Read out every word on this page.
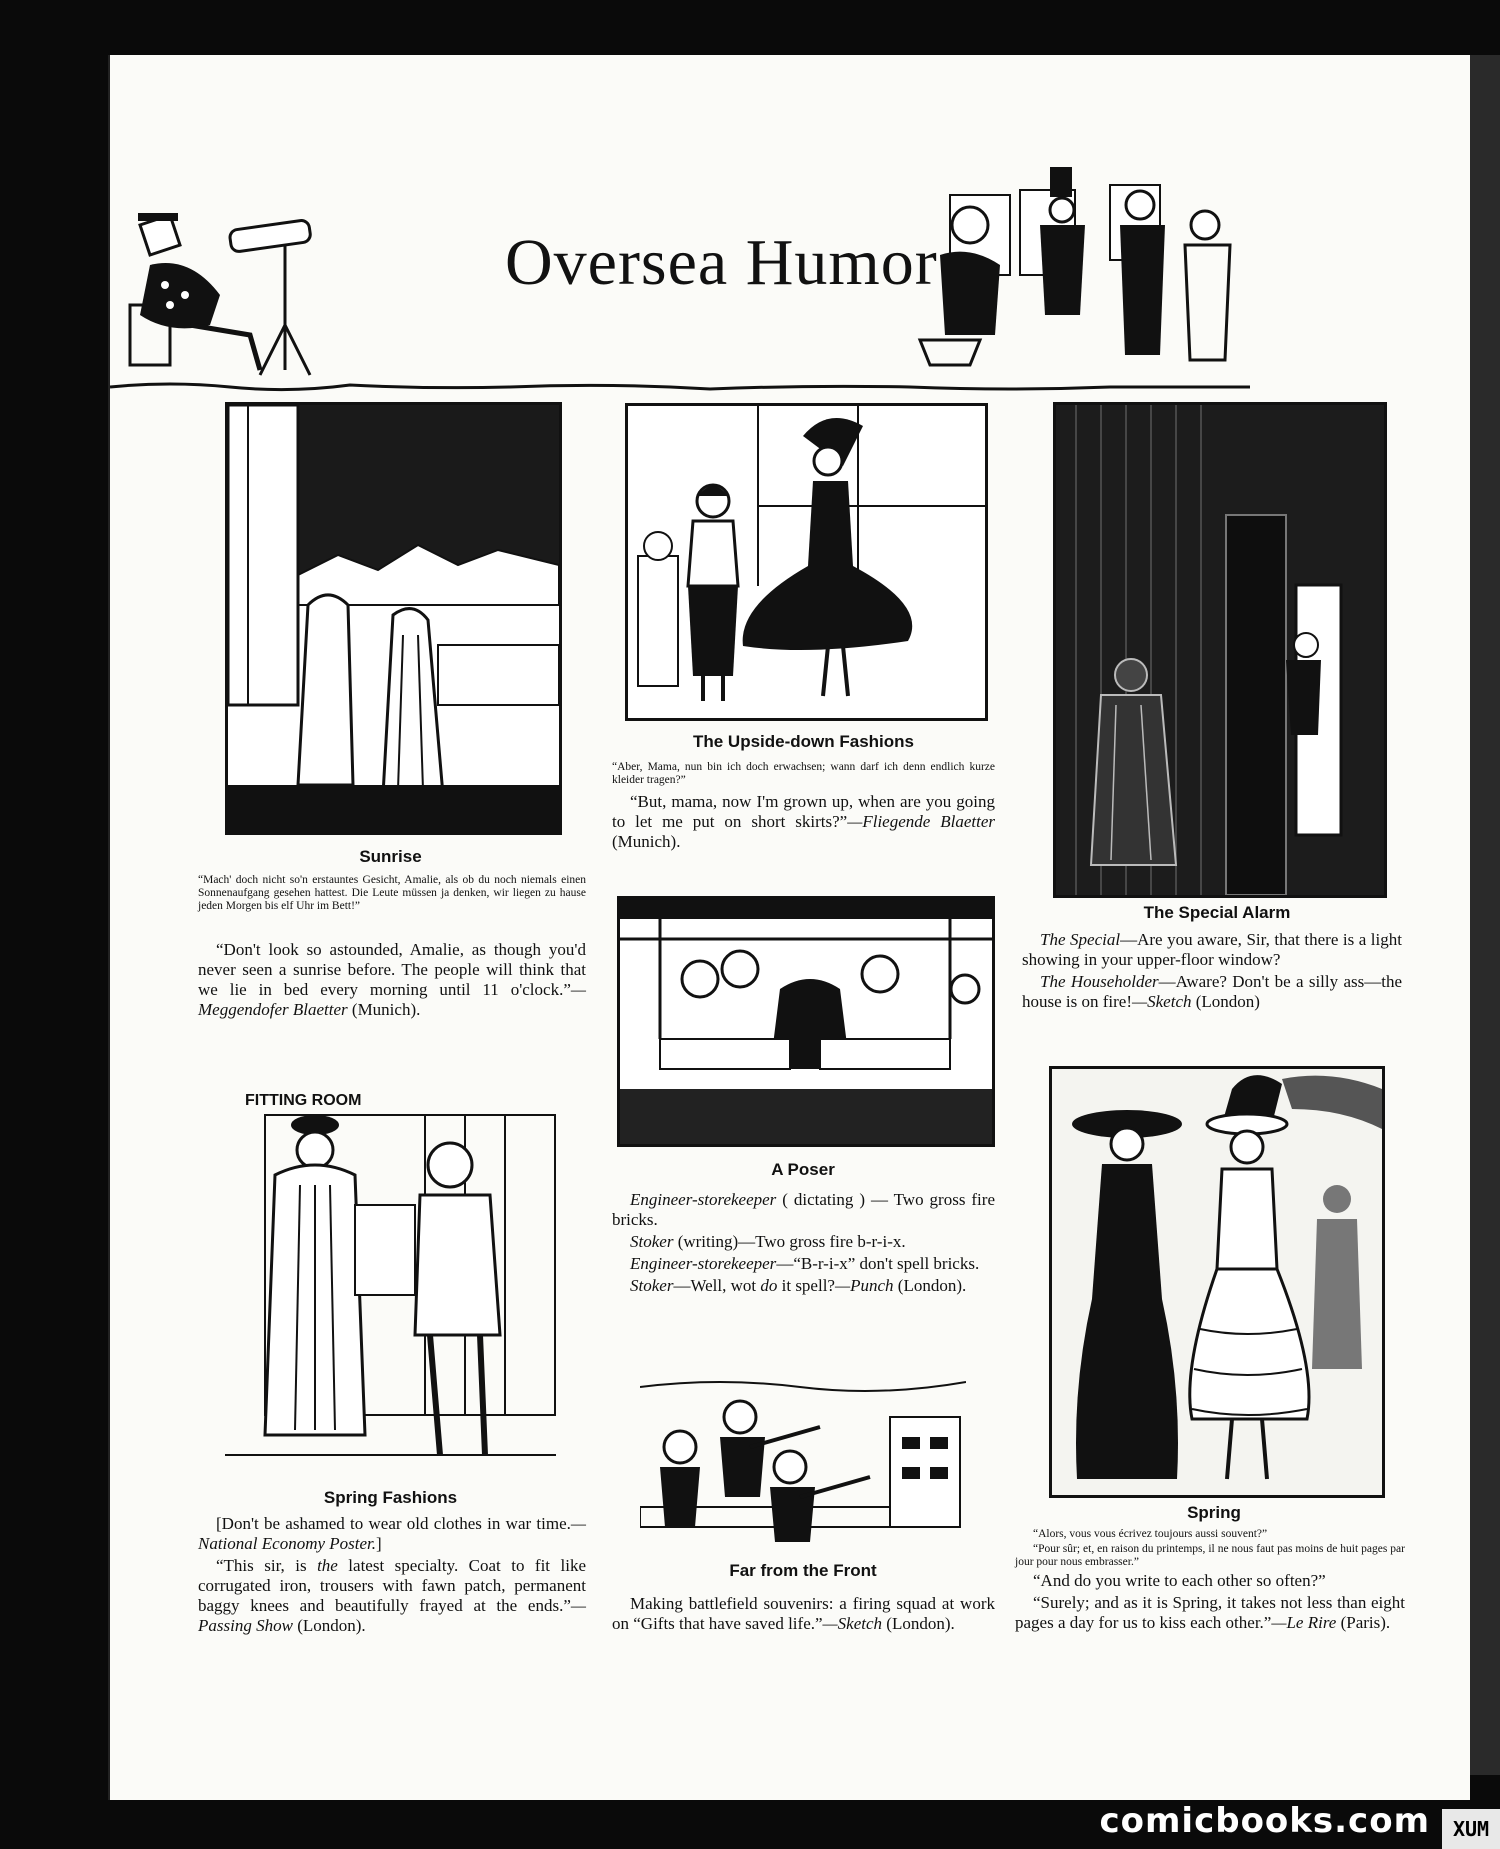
Oversea Humor
Sunrise
“Mach' doch nicht so'n erstauntes Gesicht, Amalie, als ob du noch niemals einen Sonnenaufgang gesehen hattest. Die Leute müssen ja denken, wir liegen zu hause jeden Morgen bis elf Uhr im Bett!”
“Don't look so astounded, Amalie, as though you'd never seen a sunrise before. The people will think that we lie in bed every morning until 11 o'clock.”—Meggendofer Blaetter (Munich).
FITTING ROOM
Spring Fashions

[Don't be ashamed to wear old clothes in war time.—National Economy Poster.]

“This sir, is the latest specialty. Coat to fit like corrugated iron, trousers with fawn patch, permanent baggy knees and beautifully frayed at the ends.”—Passing Show (London).

The Upside-down Fashions
“Aber, Mama, nun bin ich doch erwachsen; wann darf ich denn endlich kurze kleider tragen?”
“But, mama, now I'm grown up, when are you going to let me put on short skirts?”—Fliegende Blaetter (Munich).
A Poser

Engineer-storekeeper ( dictating ) — Two gross fire bricks.

Stoker (writing)—Two gross fire b-r-i-x.

Engineer-storekeeper—“B-r-i-x” don't spell bricks.

Stoker—Well, wot do it spell?—Punch (London).

Far from the Front
Making battlefield souvenirs: a firing squad at work on “Gifts that have saved life.”—Sketch (London).
The Special Alarm

The Special—Are you aware, Sir, that there is a light showing in your upper-floor window?

The Householder—Aware? Don't be a silly ass—the house is on fire!—Sketch (London)

Spring

“Alors, vous vous écrivez toujours aussi souvent?”

“Pour sûr; et, en raison du printemps, il ne nous faut pas moins de huit pages par jour pour nous embrasser.”

“And do you write to each other so often?”

“Surely; and as it is Spring, it takes not less than eight pages a day for us to kiss each other.”—Le Rire (Paris).

comicbooks.com	XUM
